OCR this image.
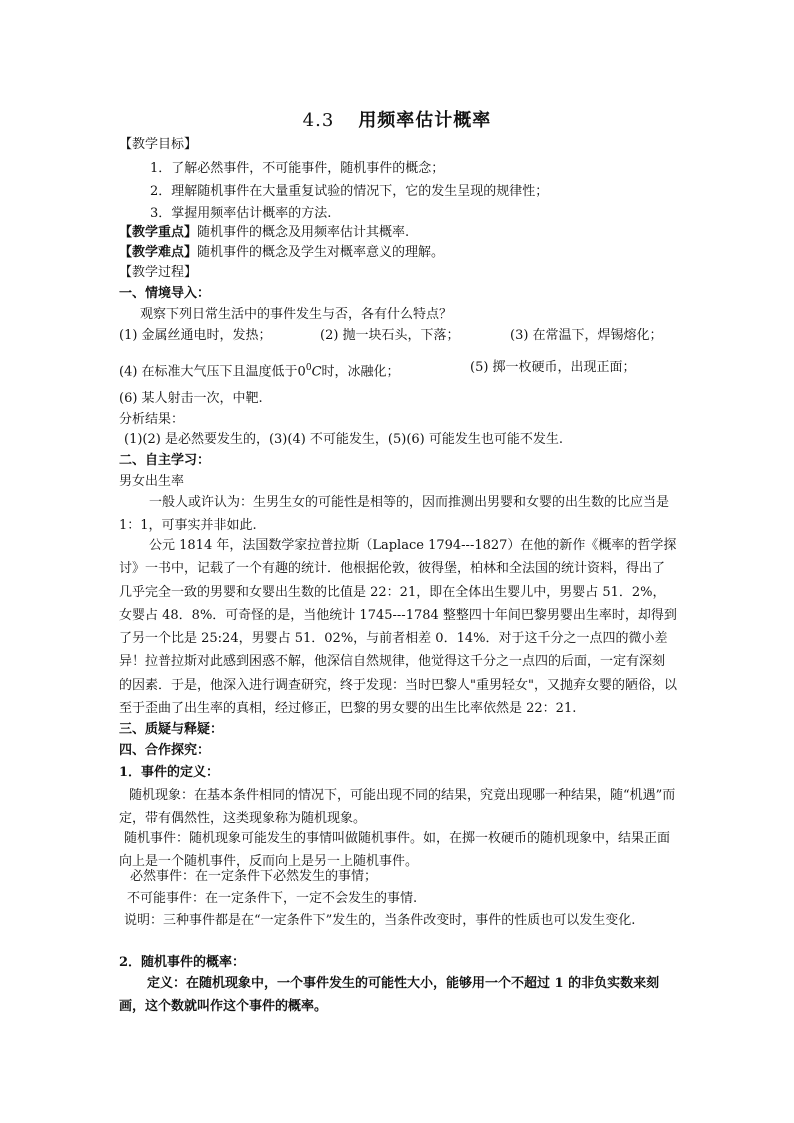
4.3 用频率估计概率
【教学目标】
1．了解必然事件，不可能事件，随机事件的概念；
2．理解随机事件在大量重复试验的情况下，它的发生呈现的规律性；
3．掌握用频率估计概率的方法.
【教学重点】随机事件的概念及用频率估计其概率.
【教学难点】随机事件的概念及学生对概率意义的理解。
【教学过程】
一、情境导入：
观察下列日常生活中的事件发生与否，各有什么特点？
(1) 金属丝通电时，发热；	(2) 抛一块石头，下落；	(3) 在常温下，焊锡熔化；
(4) 在标准大气压下且温度低于$0^0C$时，冰融化；	(5) 掷一枚硬币，出现正面；
(6) 某人射击一次，中靶.
分析结果：
(1)(2) 是必然要发生的，(3)(4) 不可能发生，(5)(6) 可能发生也可能不发生.
二、自主学习：
男女出生率
一般人或许认为：生男生女的可能性是相等的，因而推测出男婴和女婴的出生数的比应当是 1：1，可事实并非如此.
公元 1814 年，法国数学家拉普拉斯（Laplace 1794---1827）在他的新作《概率的哲学探讨》一书中，记载了一个有趣的统计．他根据伦敦，彼得堡，柏林和全法国的统计资料，得出了几乎完全一致的男婴和女婴出生数的比值是 22：21，即在全体出生婴儿中，男婴占 51．2%，女婴占 48．8%．可奇怪的是，当他统计 1745---1784 整整四十年间巴黎男婴出生率时，却得到了另一个比是 25:24，男婴占 51．02%，与前者相差 0．14%．对于这千分之一点四的微小差异！拉普拉斯对此感到困惑不解，他深信自然规律，他觉得这千分之一点四的后面，一定有深刻的因素．于是，他深入进行调查研究，终于发现：当时巴黎人"重男轻女"，又抛弃女婴的陋俗，以至于歪曲了出生率的真相，经过修正，巴黎的男女婴的出生比率依然是 22：21.
三、质疑与释疑：
四、合作探究：
1．事件的定义：
随机现象：在基本条件相同的情况下，可能出现不同的结果，究竟出现哪一种结果，随“机遇”而定，带有偶然性，这类现象称为随机现象。
随机事件：随机现象可能发生的事情叫做随机事件。如，在掷一枚硬币的随机现象中，结果正面向上是一个随机事件，反而向上是另一上随机事件。
必然事件：在一定条件下必然发生的事情；
不可能事件：在一定条件下，一定不会发生的事情.
说明：三种事件都是在“一定条件下”发生的，当条件改变时，事件的性质也可以发生变化.
2．随机事件的概率：
定义：在随机现象中，一个事件发生的可能性大小，能够用一个不超过 1 的非负实数来刻画，这个数就叫作这个事件的概率。
